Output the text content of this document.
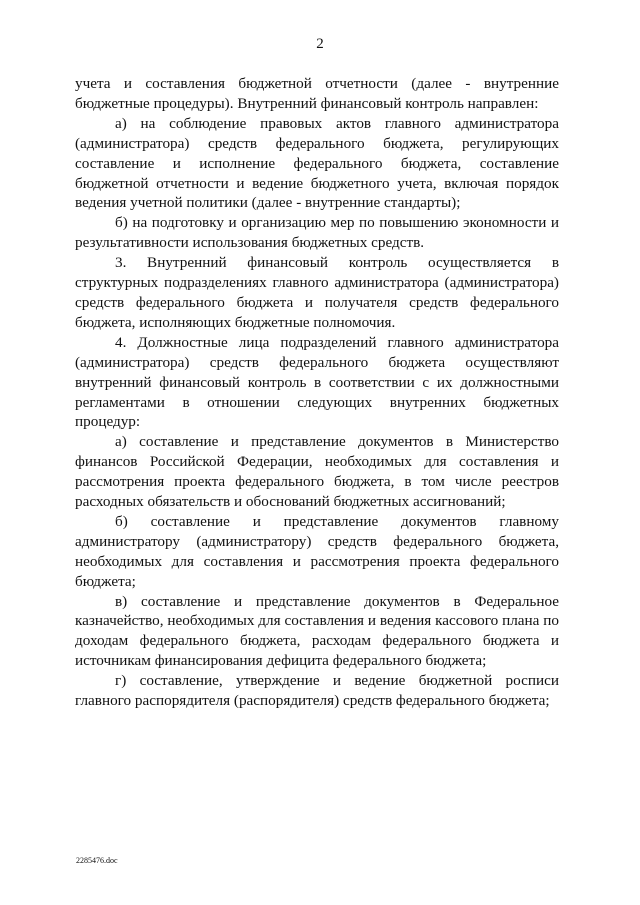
2

учета и составления бюджетной отчетности (далее - внутренние бюджетные процедуры). Внутренний финансовый контроль направлен:

а) на соблюдение правовых актов главного администратора (администратора) средств федерального бюджета, регулирующих составление и исполнение федерального бюджета, составление бюджетной отчетности и ведение бюджетного учета, включая порядок ведения учетной политики (далее - внутренние стандарты);

б) на подготовку и организацию мер по повышению экономности и результативности использования бюджетных средств.

3. Внутренний финансовый контроль осуществляется в структурных подразделениях главного администратора (администратора) средств федерального бюджета и получателя средств федерального бюджета, исполняющих бюджетные полномочия.

4. Должностные лица подразделений главного администратора (администратора) средств федерального бюджета осуществляют внутренний финансовый контроль в соответствии с их должностными регламентами в отношении следующих внутренних бюджетных процедур:

а) составление и представление документов в Министерство финансов Российской Федерации, необходимых для составления и рассмотрения проекта федерального бюджета, в том числе реестров расходных обязательств и обоснований бюджетных ассигнований;

б) составление и представление документов главному администратору (администратору) средств федерального бюджета, необходимых для составления и рассмотрения проекта федерального бюджета;

в) составление и представление документов в Федеральное казначейство, необходимых для составления и ведения кассового плана по доходам федерального бюджета, расходам федерального бюджета и источникам финансирования дефицита федерального бюджета;

г) составление, утверждение и ведение бюджетной росписи главного распорядителя (распорядителя) средств федерального бюджета;

2285476.doc
